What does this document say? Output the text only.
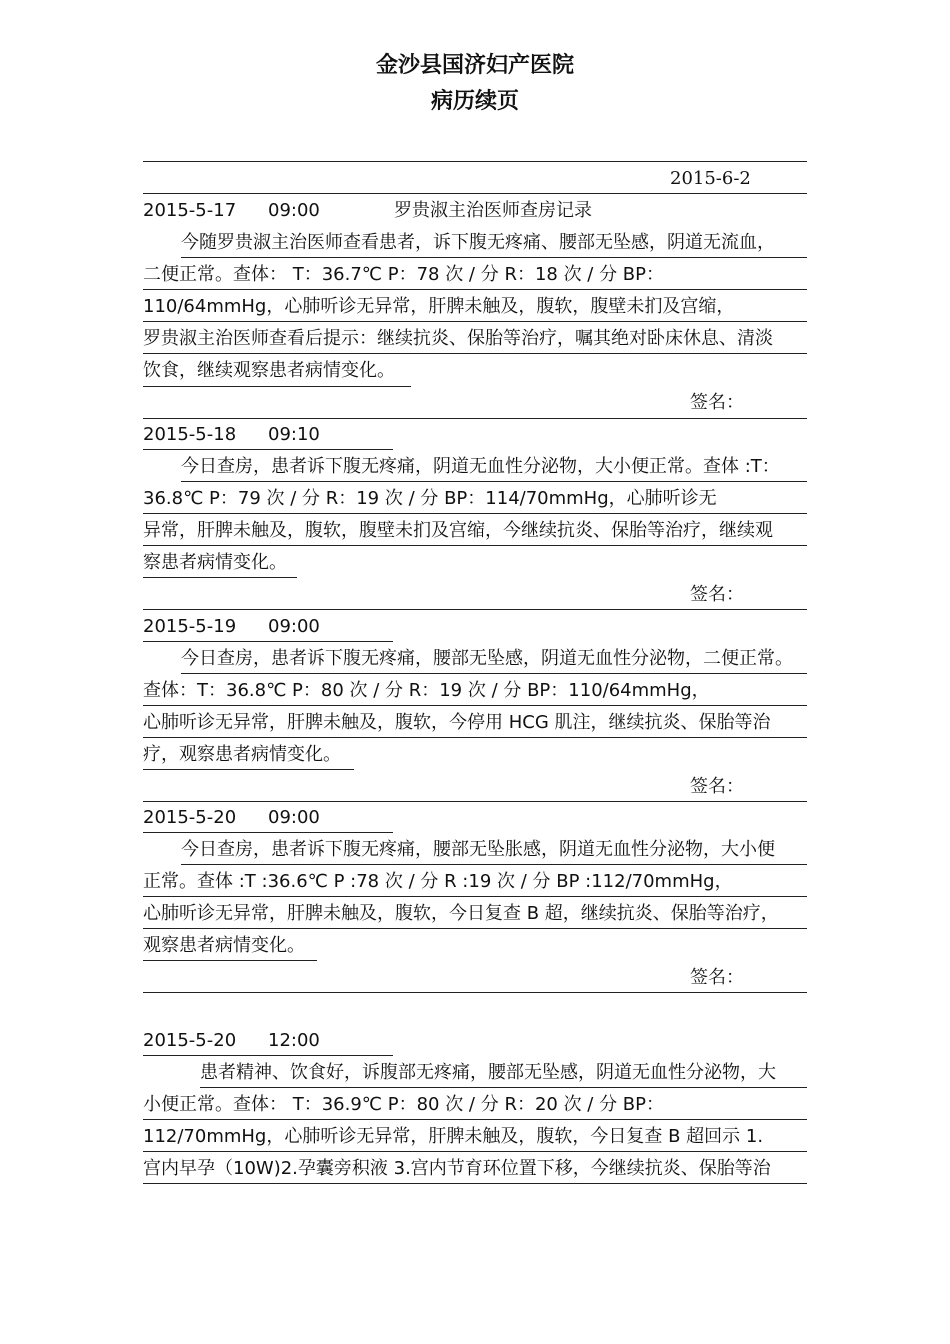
金沙县国济妇产医院
病历续页
2015-6-2
2015-5-17 09:00	罗贵淑主治医师查房记录
今随罗贵淑主治医师查看患者，诉下腹无疼痛、腰部无坠感，阴道无流血，
二便正常。查体： T：36.7℃ P：78 次 / 分 R：18 次 / 分 BP：
110/64mmHg，心肺听诊无异常，肝脾未触及，腹软，腹壁未扪及宫缩，
罗贵淑主治医师查看后提示：继续抗炎、保胎等治疗，嘱其绝对卧床休息、清淡
饮食，继续观察患者病情变化。
签名：
2015-5-18 09:10
今日查房，患者诉下腹无疼痛，阴道无血性分泌物，大小便正常。查体 :T：
36.8℃ P：79 次 / 分 R：19 次 / 分 BP：114/70mmHg，心肺听诊无
异常，肝脾未触及，腹软，腹壁未扪及宫缩，今继续抗炎、保胎等治疗，继续观
察患者病情变化。
签名：
2015-5-19 09:00
今日查房，患者诉下腹无疼痛，腰部无坠感，阴道无血性分泌物，二便正常。
查体：T：36.8℃ P：80 次 / 分 R：19 次 / 分 BP：110/64mmHg，
心肺听诊无异常，肝脾未触及，腹软，今停用 HCG 肌注，继续抗炎、保胎等治
疗，观察患者病情变化。
签名：
2015-5-20 09:00
今日查房，患者诉下腹无疼痛，腰部无坠胀感，阴道无血性分泌物，大小便
正常。查体 :T :36.6℃ P :78 次 / 分 R :19 次 / 分 BP :112/70mmHg，
心肺听诊无异常，肝脾未触及，腹软，今日复查 B 超，继续抗炎、保胎等治疗，
观察患者病情变化。
签名：
2015-5-20 12:00
患者精神、饮食好，诉腹部无疼痛，腰部无坠感，阴道无血性分泌物，大
小便正常。查体： T：36.9℃ P：80 次 / 分 R：20 次 / 分 BP：
112/70mmHg，心肺听诊无异常，肝脾未触及，腹软，今日复查 B 超回示 1.
宫内早孕（10W)2.孕囊旁积液 3.宫内节育环位置下移，今继续抗炎、保胎等治
